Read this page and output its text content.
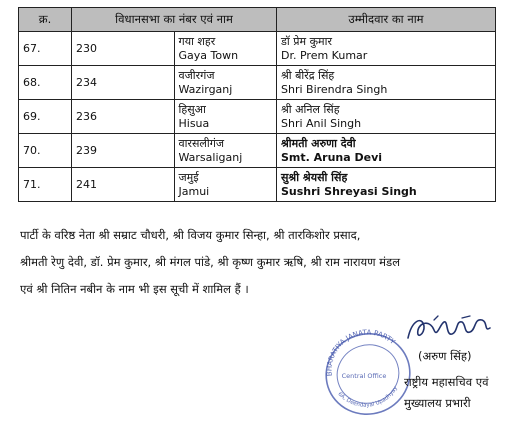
क्र.	विधानसभा का नंबर एवं नाम		उम्मीदवार का नाम
67.	230	गया शहर
Gaya Town	डॉ प्रेम कुमार
Dr. Prem Kumar

68.	234	वजीरगंज
Wazirganj	श्री बीरेंद्र सिंह
Shri Birendra Singh

69.	236	हिसुआ
Hisua	श्री अनिल सिंह
Shri Anil Singh

70.	239	वारसलीगंज
Warsaliganj	श्रीमती अरुणा देवी
Smt. Aruna Devi

71.	241	जमुई
Jamui	सुश्री श्रेयसी सिंह
Sushri Shreyasi Singh
पार्टी के वरिष्ठ नेता श्री सम्राट चौधरी, श्री विजय कुमार सिन्हा, श्री तारकिशोर प्रसाद,
श्रीमती रेणु देवी, डॉ. प्रेम कुमार, श्री मंगल पांडे, श्री कृष्ण कुमार ऋषि, श्री राम नारायण मंडल
एवं श्री नितिन नबीन के नाम भी इस सूची में शामिल हैं ।
BHARATIYA JANATA PARTY
6A, Deendayal Upadhyay
Central Office
(अरुण सिंह)
राष्ट्रीय महासचिव एवं
मुख्यालय प्रभारी
